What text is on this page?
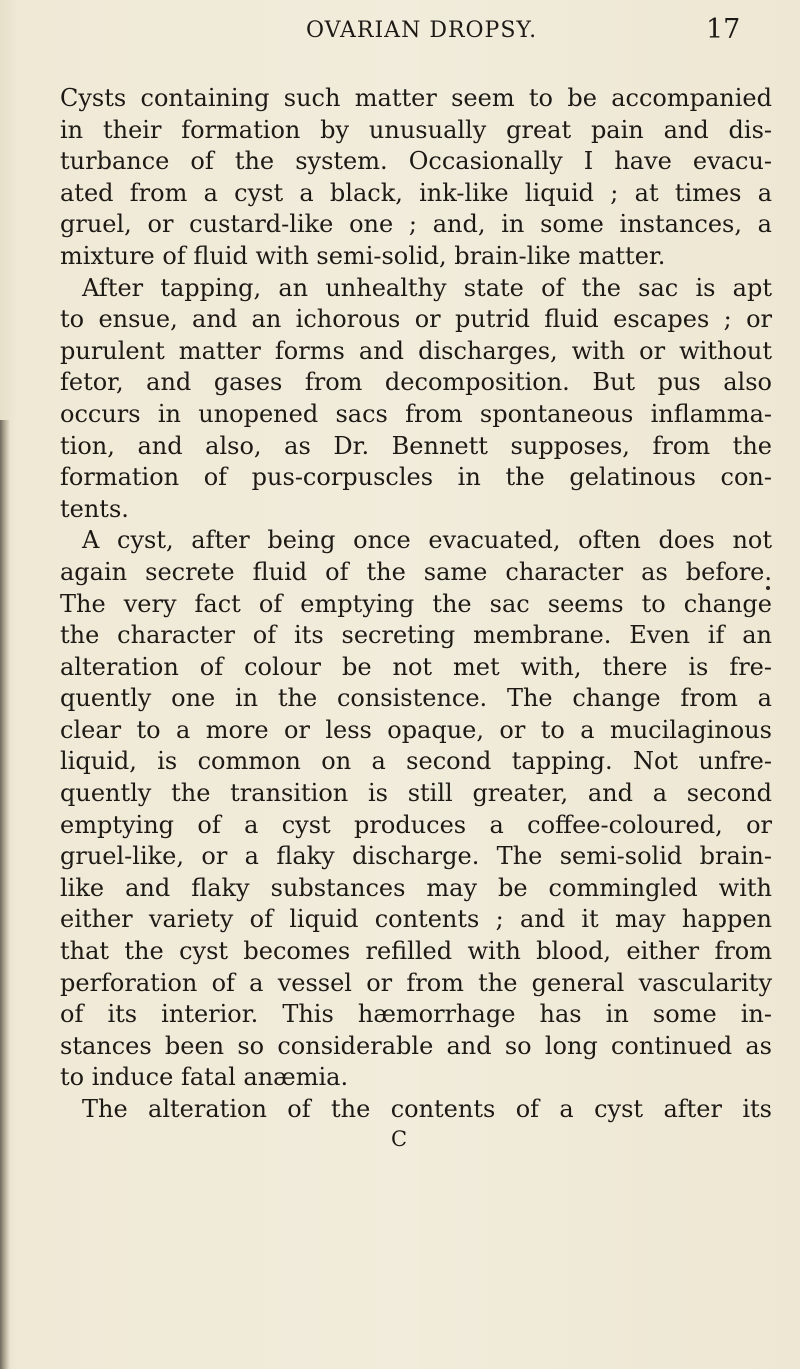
OVARIAN DROPSY.	17
Cysts containing such matter seem to be accompanied
in their formation by unusually great pain and dis-
turbance of the system. Occasionally I have evacu-
ated from a cyst a black, ink-like liquid ; at times a
gruel, or custard-like one ; and, in some instances, a
mixture of fluid with semi-solid, brain-like matter.
After tapping, an unhealthy state of the sac is apt
to ensue, and an ichorous or putrid fluid escapes ; or
purulent matter forms and discharges, with or without
fetor, and gases from decomposition. But pus also
occurs in unopened sacs from spontaneous inflamma-
tion, and also, as Dr. Bennett supposes, from the
formation of pus-corpuscles in the gelatinous con-
tents.
A cyst, after being once evacuated, often does not
again secrete fluid of the same character as before.
The very fact of emptying the sac seems to change
the character of its secreting membrane. Even if an
alteration of colour be not met with, there is fre-
quently one in the consistence. The change from a
clear to a more or less opaque, or to a mucilaginous
liquid, is common on a second tapping. Not unfre-
quently the transition is still greater, and a second
emptying of a cyst produces a coffee-coloured, or
gruel-like, or a flaky discharge. The semi-solid brain-
like and flaky substances may be commingled with
either variety of liquid contents ; and it may happen
that the cyst becomes refilled with blood, either from
perforation of a vessel or from the general vascularity
of its interior. This hæmorrhage has in some in-
stances been so considerable and so long continued as
to induce fatal anæmia.
The alteration of the contents of a cyst after its
C
